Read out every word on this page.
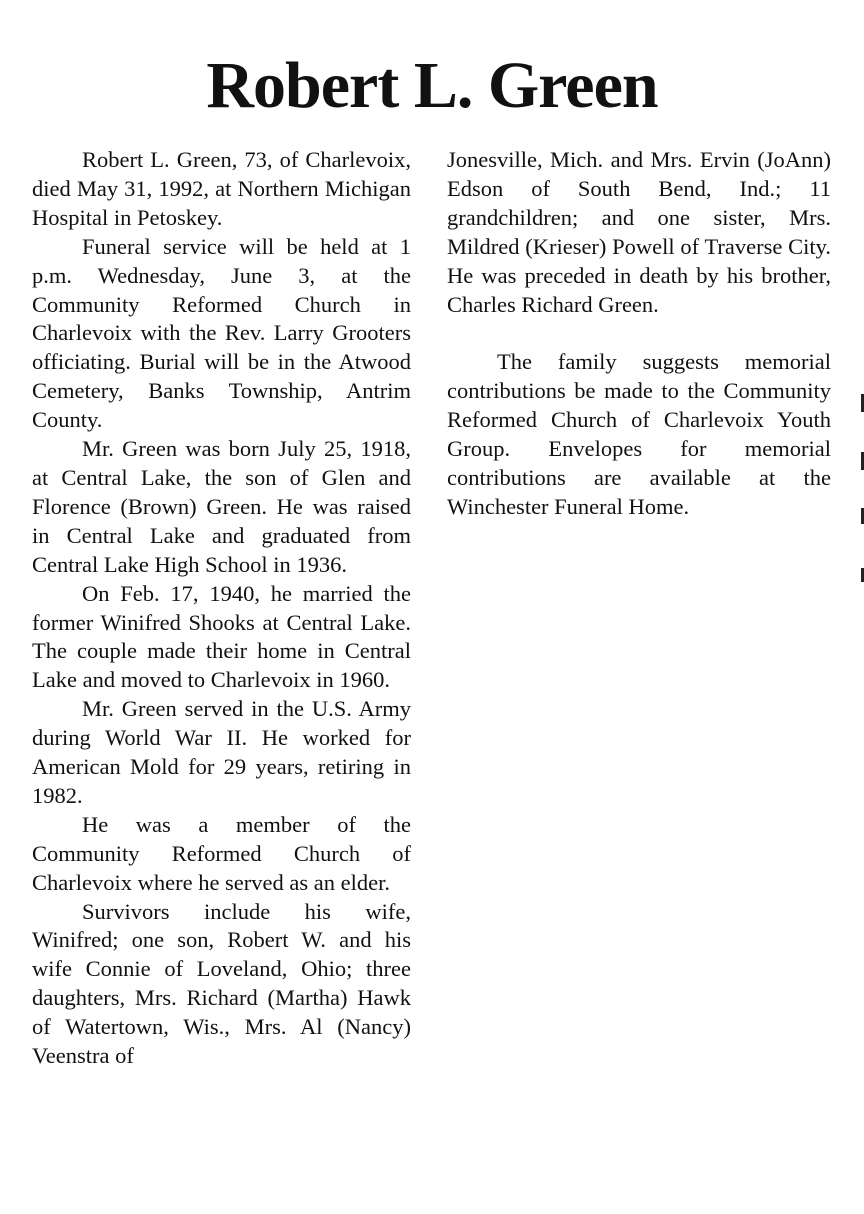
Robert L. Green

Robert L. Green, 73, of Charlevoix, died May 31, 1992, at Northern Michigan Hospital in Petoskey.

Funeral service will be held at 1 p.m. Wednesday, June 3, at the Community Reformed Church in Charlevoix with the Rev. Larry Grooters officiating. Burial will be in the Atwood Cemetery, Banks Township, Antrim County.

Mr. Green was born July 25, 1918, at Central Lake, the son of Glen and Florence (Brown) Green. He was raised in Central Lake and graduated from Central Lake High School in 1936.

On Feb. 17, 1940, he married the former Winifred Shooks at Central Lake. The couple made their home in Central Lake and moved to Charlevoix in 1960.

Mr. Green served in the U.S. Army during World War II. He worked for American Mold for 29 years, retiring in 1982.

He was a member of the Community Reformed Church of Charlevoix where he served as an elder.

Survivors include his wife, Winifred; one son, Robert W. and his wife Connie of Loveland, Ohio; three daughters, Mrs. Richard (Martha) Hawk of Watertown, Wis., Mrs. Al (Nancy) Veenstra of

Jonesville, Mich. and Mrs. Ervin (JoAnn) Edson of South Bend, Ind.; 11 grandchildren; and one sister, Mrs. Mildred (Krieser) Powell of Traverse City. He was preceded in death by his brother, Charles Richard Green.

The family suggests memorial contributions be made to the Community Reformed Church of Charlevoix Youth Group. Envelopes for memorial contributions are available at the Winchester Funeral Home.
